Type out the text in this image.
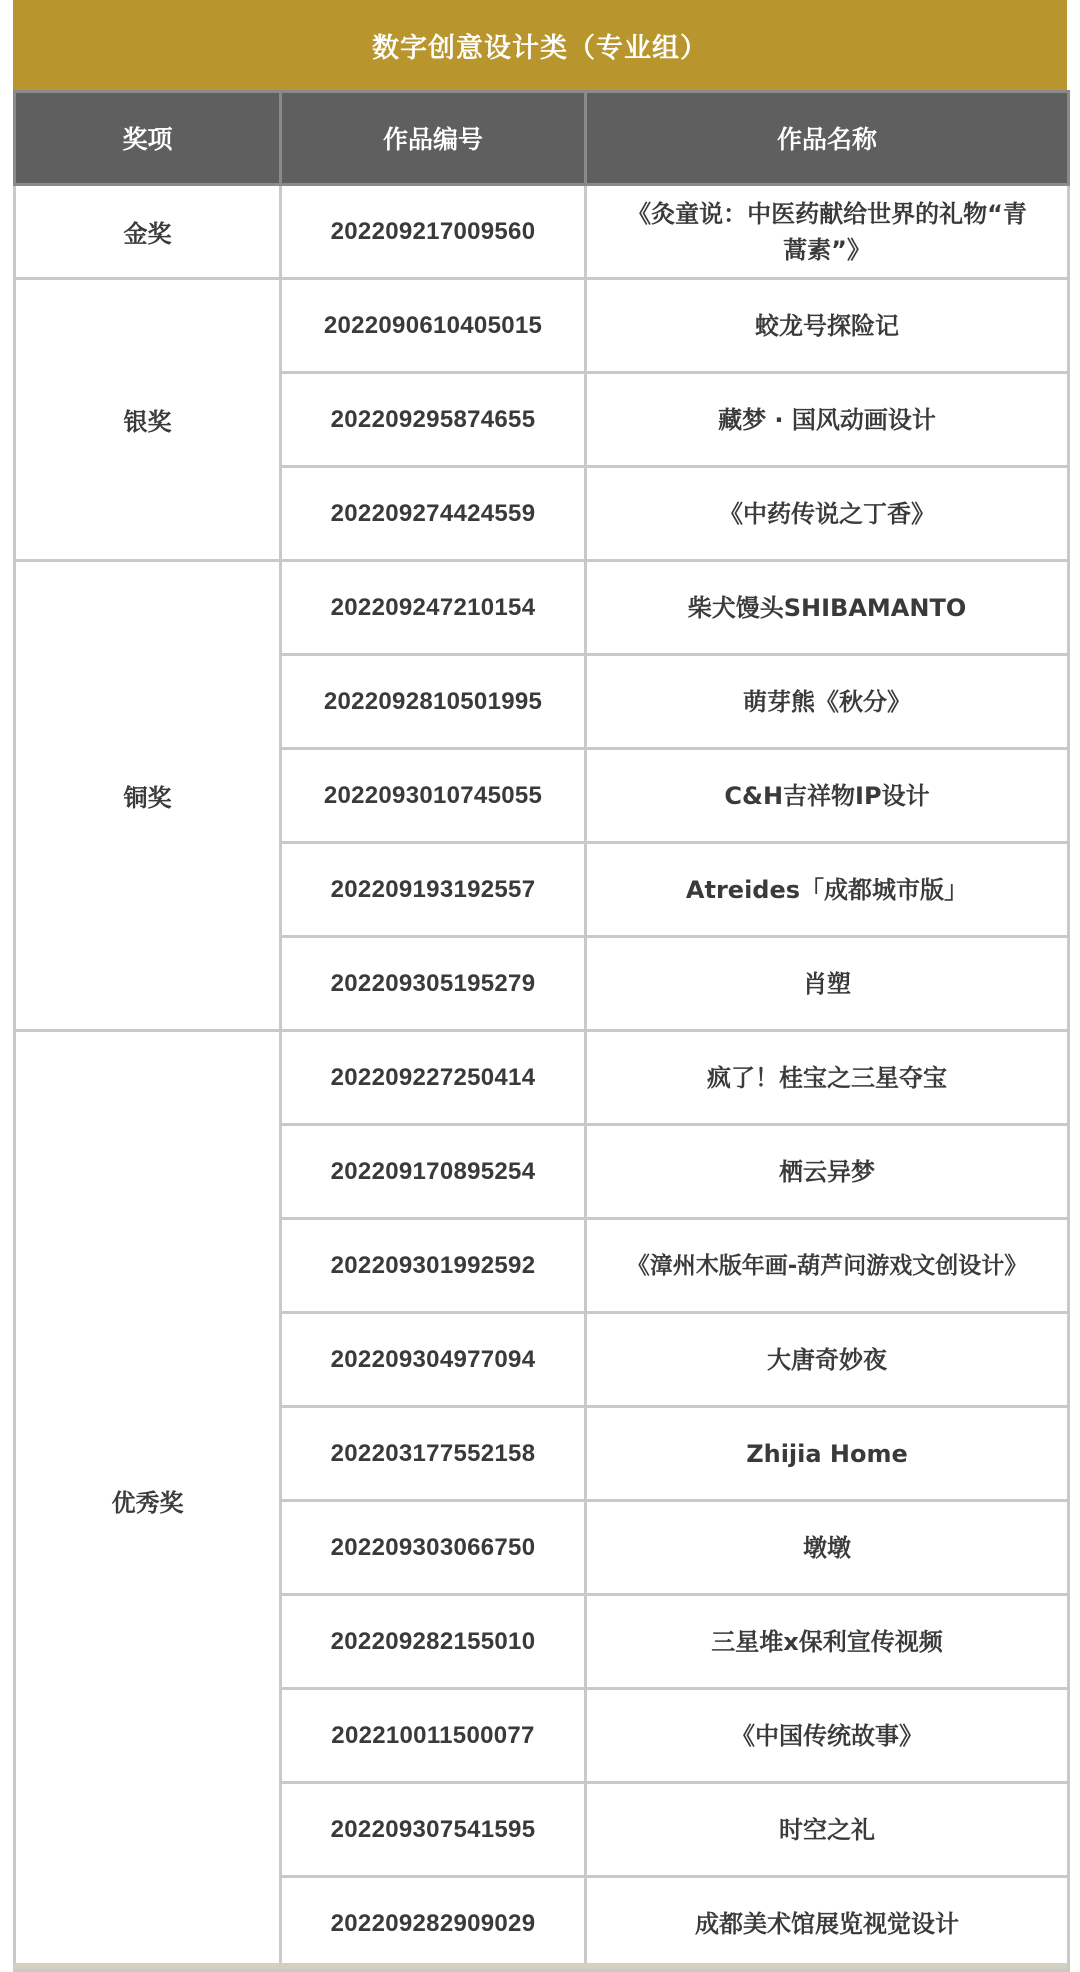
数字创意设计类（专业组）
奖项	作品编号	作品名称
金奖	202209217009560	《灸童说：中医药献给世界的礼物“青蒿素”》
银奖	202209061040501​5	蛟龙号探险记
	202209295874655	藏梦 · 国风动画设计
	202209274424559	《中药传说之丁香》
铜奖	202209247210154	柴犬馒头SHIBAMANTO
	2022092810501995	萌芽熊《秋分》
	2022093010745055	C&H吉祥物IP设计
	202209193192557	Atreides「成都城市版」
	202209305195279	肖塑
优秀奖	202209227250414	疯了！桂宝之三星夺宝
	202209170895254	栖云异梦
	202209301992592	《漳州木版年画-葫芦问游戏文创设计》
	202209304977094	大唐奇妙夜
	202203177552158	Zhijia Home
	202209303066750	墩墩
	202209282155010	三星堆x保利宣传视频
	202210011500077	《中国传统故事》
	202209307541595	时空之礼
	202209282909029	成都美术馆展览视觉设计
